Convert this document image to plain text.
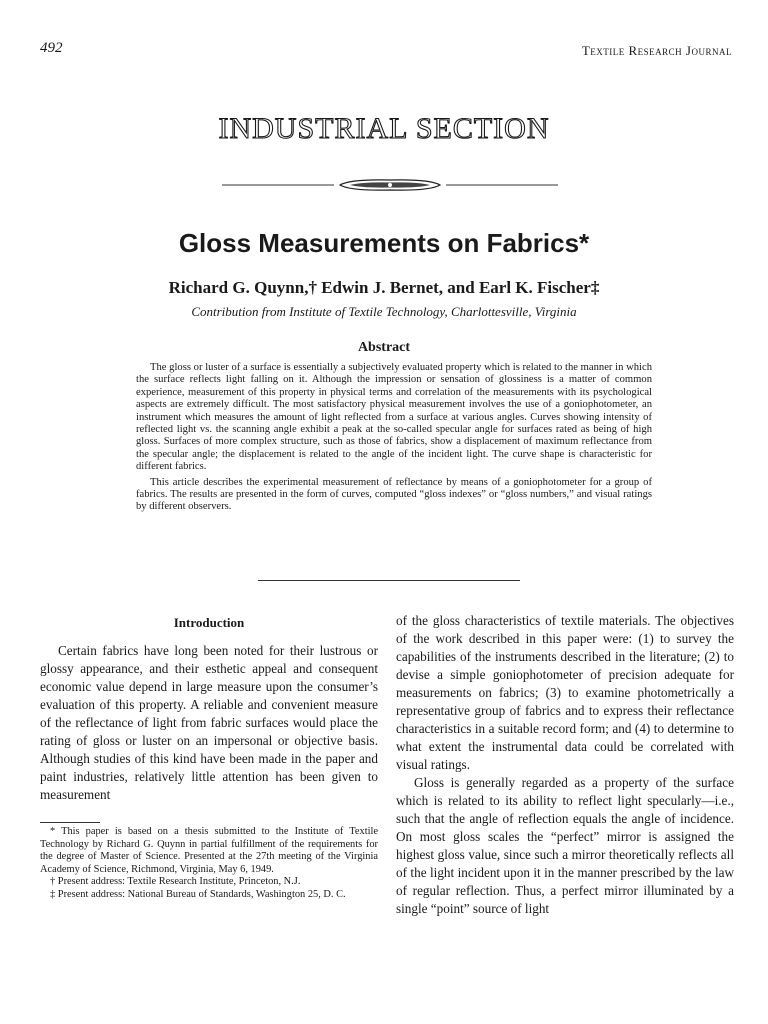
492	Textile Research Journal
INDUSTRIAL SECTION
Gloss Measurements on Fabrics*
Richard G. Quynn,† Edwin J. Bernet, and Earl K. Fischer‡
Contribution from Institute of Textile Technology, Charlottesville, Virginia
Abstract

The gloss or luster of a surface is essentially a subjectively evaluated property which is related to the manner in which the surface reflects light falling on it. Although the impression or sensation of glossiness is a matter of common experience, measurement of this property in physical terms and correlation of the measurements with its psychological aspects are extremely difficult. The most satisfactory physical measurement involves the use of a goniophotometer, an instrument which measures the amount of light reflected from a surface at various angles. Curves showing intensity of reflected light vs. the scanning angle exhibit a peak at the so-called specular angle for surfaces rated as being of high gloss. Surfaces of more complex structure, such as those of fabrics, show a displacement of maximum reflectance from the specular angle; the displacement is related to the angle of the incident light. The curve shape is characteristic for different fabrics.

This article describes the experimental measurement of reflectance by means of a goniophotometer for a group of fabrics. The results are presented in the form of curves, computed “gloss indexes” or “gloss numbers,” and visual ratings by different observers.

Introduction

Certain fabrics have long been noted for their lustrous or glossy appearance, and their esthetic appeal and consequent economic value depend in large measure upon the consumer’s evaluation of this property. A reliable and convenient measure of the reflectance of light from fabric surfaces would place the rating of gloss or luster on an impersonal or objective basis. Although studies of this kind have been made in the paper and paint industries, relatively little attention has been given to measurement

of the gloss characteristics of textile materials. The objectives of the work described in this paper were: (1) to survey the capabilities of the instruments described in the literature; (2) to devise a simple goniophotometer of precision adequate for measurements on fabrics; (3) to examine photometrically a representative group of fabrics and to express their reflectance characteristics in a suitable record form; and (4) to determine to what extent the instrumental data could be correlated with visual ratings.

Gloss is generally regarded as a property of the surface which is related to its ability to reflect light specularly—i.e., such that the angle of reflection equals the angle of incidence. On most gloss scales the “perfect” mirror is assigned the highest gloss value, since such a mirror theoretically reflects all of the light incident upon it in the manner prescribed by the law of regular reflection. Thus, a perfect mirror illuminated by a single “point” source of light

* This paper is based on a thesis submitted to the Institute of Textile Technology by Richard G. Quynn in partial fulfillment of the requirements for the degree of Master of Science. Presented at the 27th meeting of the Virginia Academy of Science, Richmond, Virginia, May 6, 1949.

† Present address: Textile Research Institute, Princeton, N.J.

‡ Present address: National Bureau of Standards, Washington 25, D. C.
